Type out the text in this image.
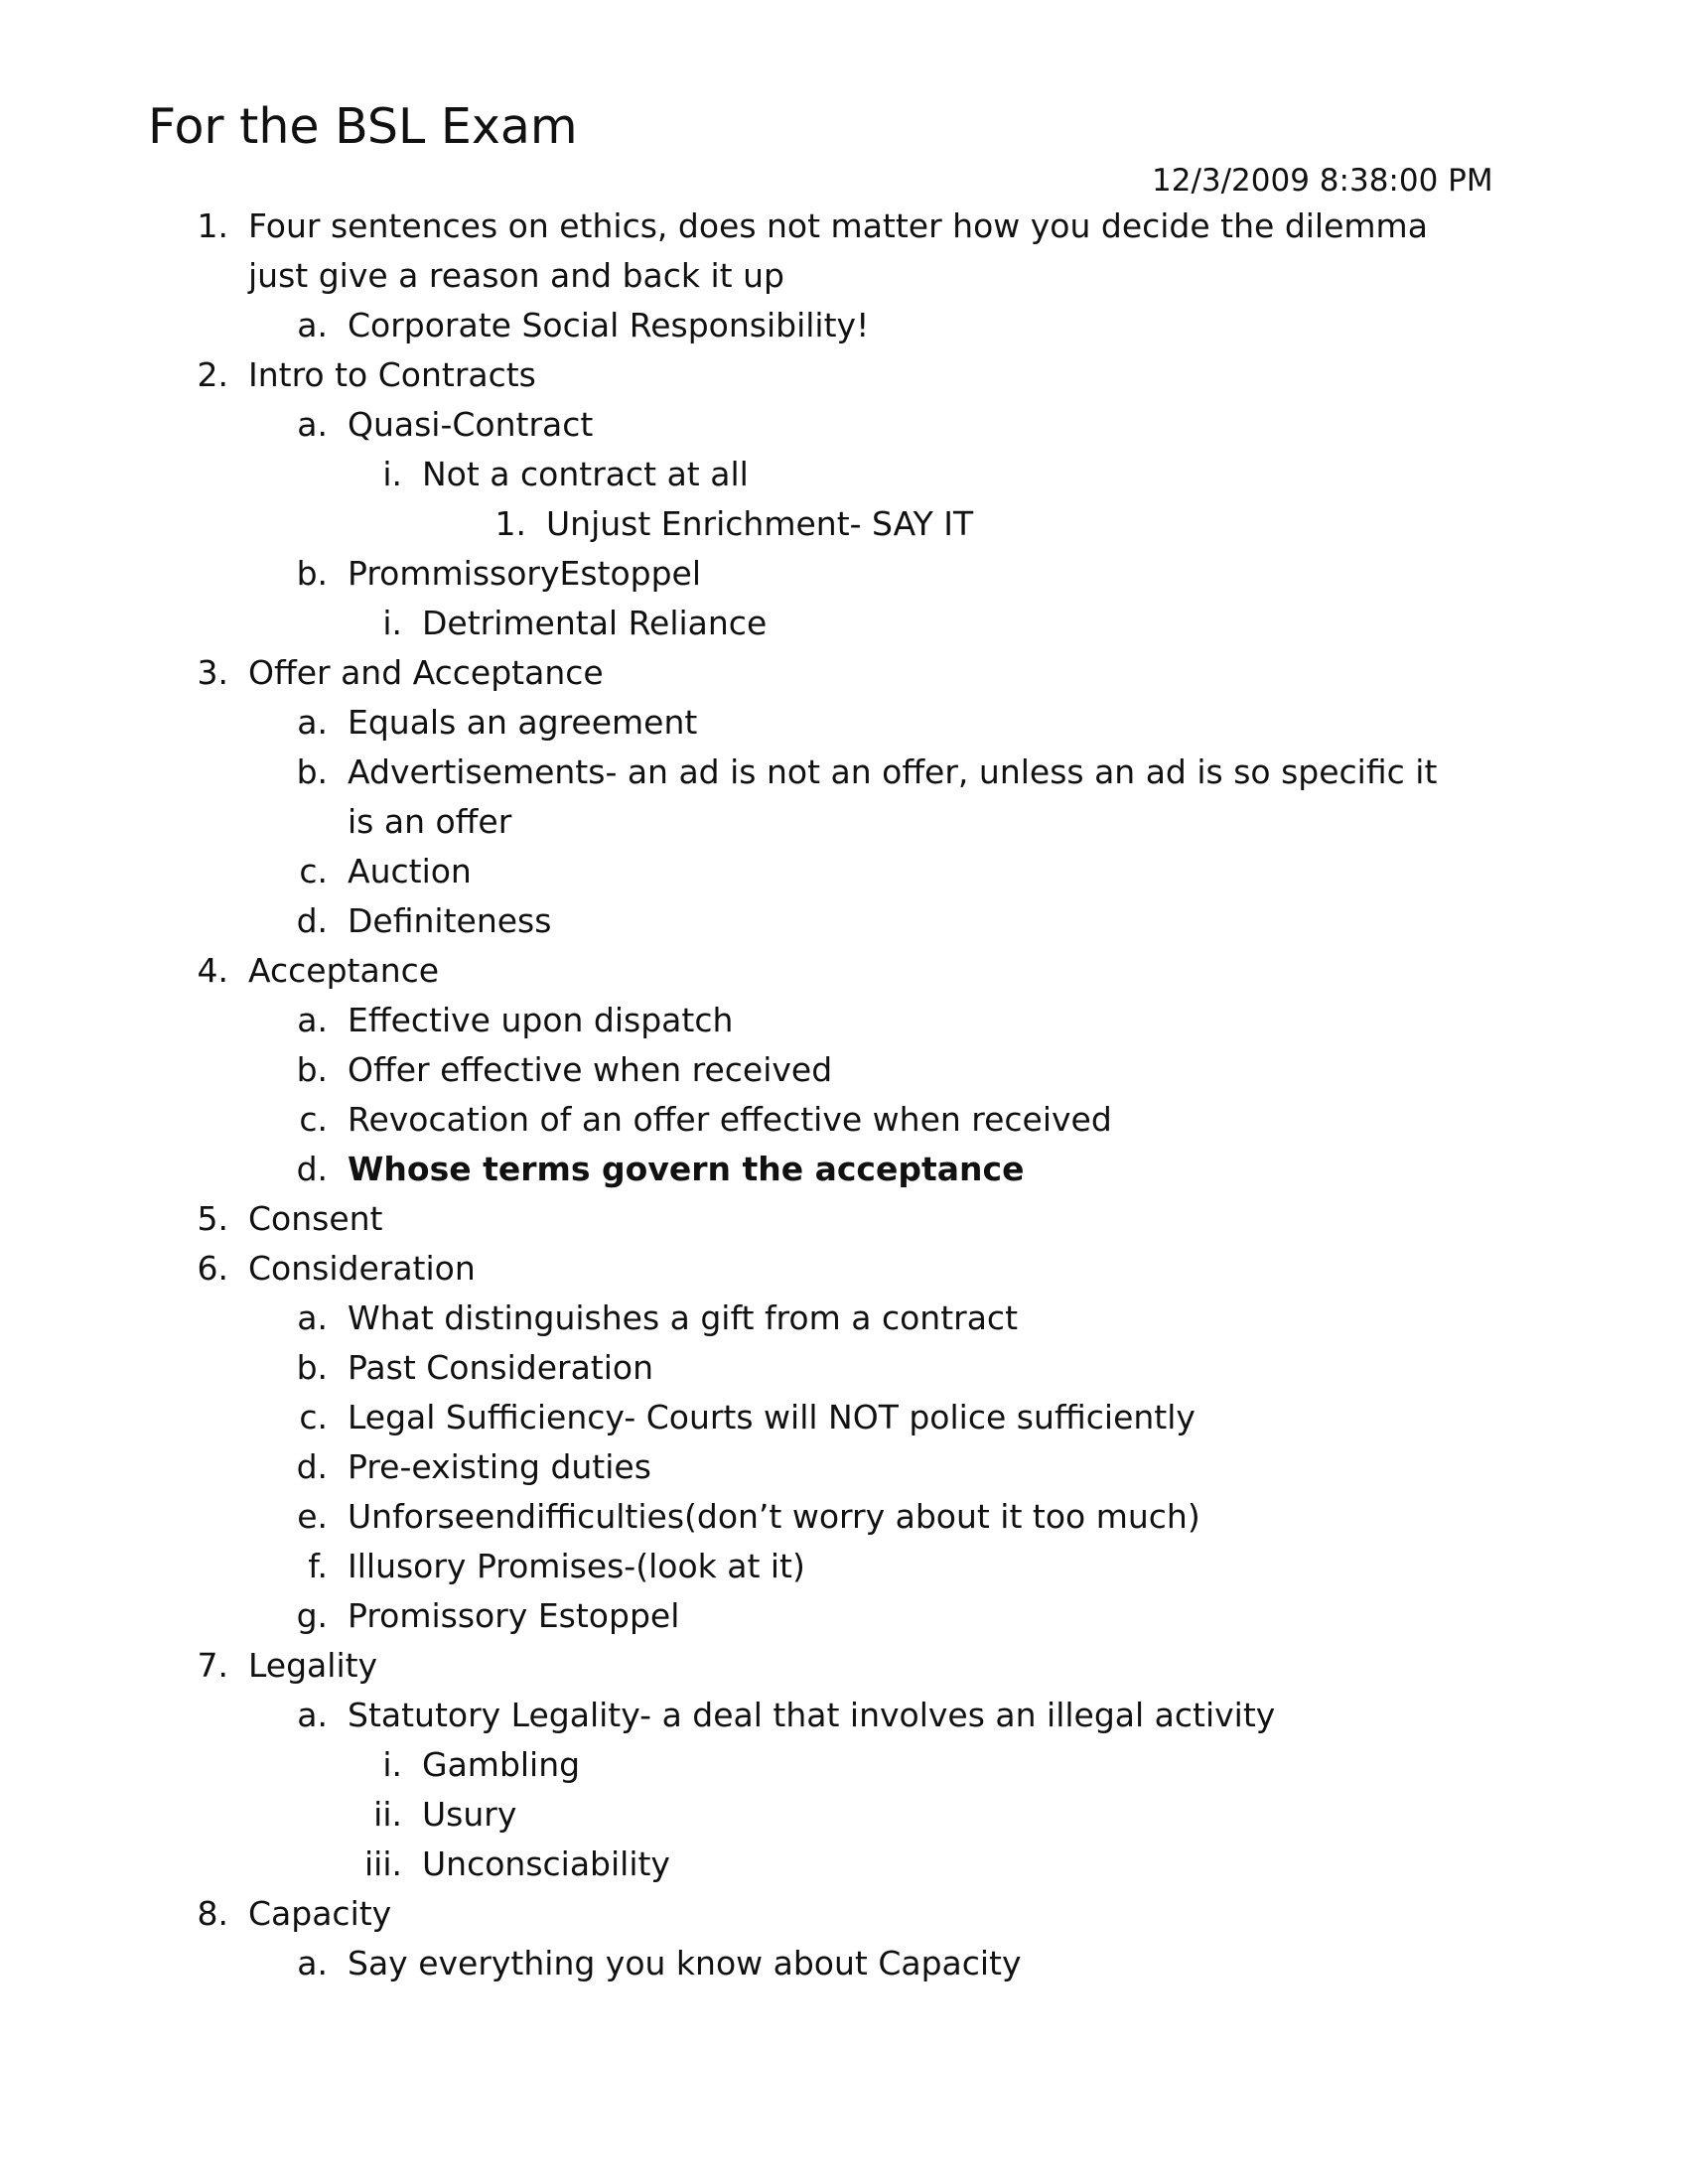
For the BSL Exam
12/3/2009 8:38:00 PM
1. Four sentences on ethics, does not matter how you decide the dilemma
just give a reason and back it up
a. Corporate Social Responsibility!
2. Intro to Contracts
a. Quasi-Contract
i. Not a contract at all
1. Unjust Enrichment- SAY IT
b. PrommissoryEstoppel
i. Detrimental Reliance
3. Offer and Acceptance
a. Equals an agreement
b. Advertisements- an ad is not an offer, unless an ad is so specific it
is an offer
c. Auction
d. Definiteness
4. Acceptance
a. Effective upon dispatch
b. Offer effective when received
c. Revocation of an offer effective when received
d. Whose terms govern the acceptance
5. Consent
6. Consideration
a. What distinguishes a gift from a contract
b. Past Consideration
c. Legal Sufficiency- Courts will NOT police sufficiently
d. Pre-existing duties
e. Unforseendifficulties(don’t worry about it too much)
f. Illusory Promises-(look at it)
g. Promissory Estoppel
7. Legality
a. Statutory Legality- a deal that involves an illegal activity
i. Gambling
ii. Usury
iii. Unconsciability
8. Capacity
a. Say everything you know about Capacity
